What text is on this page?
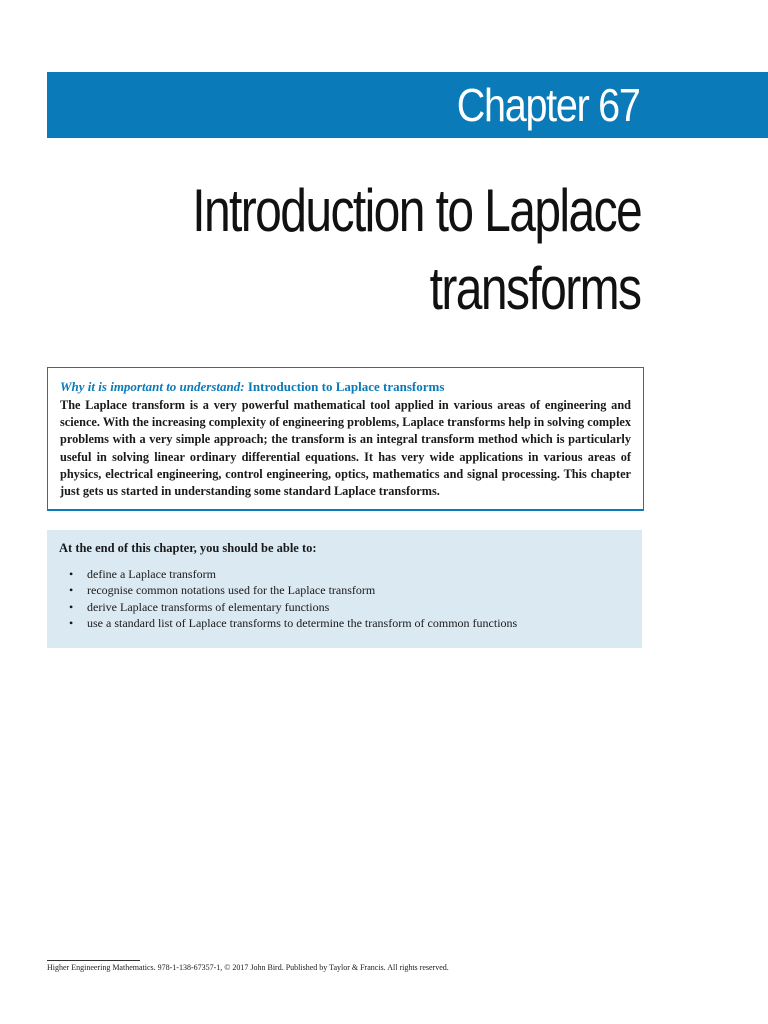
Chapter 67
Introduction to Laplace
transforms

Why it is important to understand: Introduction to Laplace transforms

The Laplace transform is a very powerful mathematical tool applied in various areas of engineering and science. With the increasing complexity of engineering problems, Laplace transforms help in solving complex problems with a very simple approach; the transform is an integral transform method which is particularly useful in solving linear ordinary differential equations. It has very wide applications in various areas of physics, electrical engineering, control engineering, optics, mathematics and signal processing. This chapter just gets us started in understanding some standard Laplace transforms.

At the end of this chapter, you should be able to:

• define a Laplace transform
• recognise common notations used for the Laplace transform
• derive Laplace transforms of elementary functions
• use a standard list of Laplace transforms to determine the transform of common functions
Higher Engineering Mathematics. 978-1-138-67357-1, © 2017 John Bird. Published by Taylor & Francis. All rights reserved.
